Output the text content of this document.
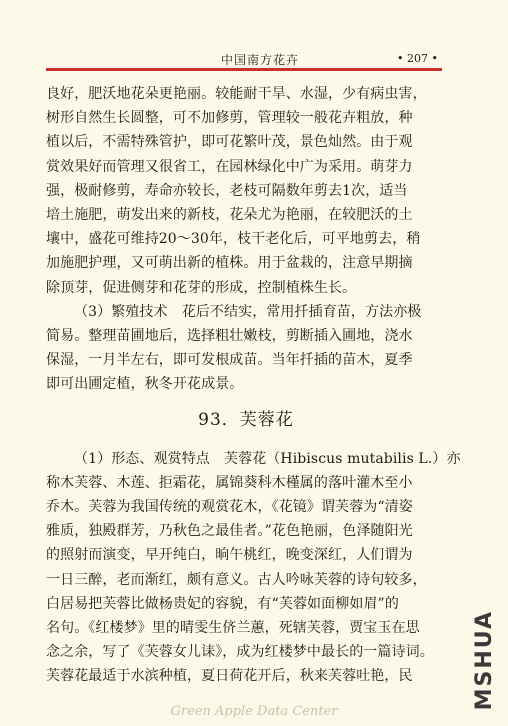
中国南方花卉	• 207 •
良好，肥沃地花朵更艳丽。较能耐干旱、水湿，少有病虫害，
树形自然生长圆整，可不加修剪，管理较一般花卉粗放，种
植以后，不需特殊管护，即可花繁叶茂，景色灿然。由于观
赏效果好而管理又很省工，在园林绿化中广为采用。萌芽力
强，极耐修剪，寿命亦较长，老枝可隔数年剪去1次，适当
培土施肥，萌发出来的新枝，花朵尤为艳丽，在较肥沃的土
壤中，盛花可维持20～30年，枝干老化后，可平地剪去，稍
加施肥护理，又可萌出新的植株。用于盆栽的，注意早期摘
除顶芽，促进侧芽和花芽的形成，控制植株生长。
（3）繁殖技术　花后不结实，常用扦插育苗，方法亦极
简易。整理苗圃地后，选择粗壮嫩枝，剪断插入圃地，浇水
保湿，一月半左右，即可发根成苗。当年扦插的苗木，夏季
即可出圃定植，秋冬开花成景。
93．芙蓉花
（1）形态、观赏特点　芙蓉花（Hibiscus mutabilis L.）亦
称木芙蓉、木莲、拒霜花，属锦葵科木槿属的落叶灌木至小
乔木。芙蓉为我国传统的观赏花木，《花镜》谓芙蓉为“清姿
雅质，独殿群芳，乃秋色之最佳者。”花色艳丽，色泽随阳光
的照射而演变，早开纯白，晌午桃红，晚变深红，人们谓为
一日三醉，老而渐红，颇有意义。古人吟咏芙蓉的诗句较多，
白居易把芙蓉比做杨贵妃的容貌，有“芙蓉如面柳如眉”的
名句。《红楼梦》里的晴雯生侪兰蕙，死辖芙蓉，贾宝玉在思
念之余，写了《芙蓉女儿诔》，成为红楼梦中最长的一篇诗词。
芙蓉花最适于水滨种植，夏日荷花开后，秋来芙蓉吐艳，民	MSHUA
Green Apple Data Center
